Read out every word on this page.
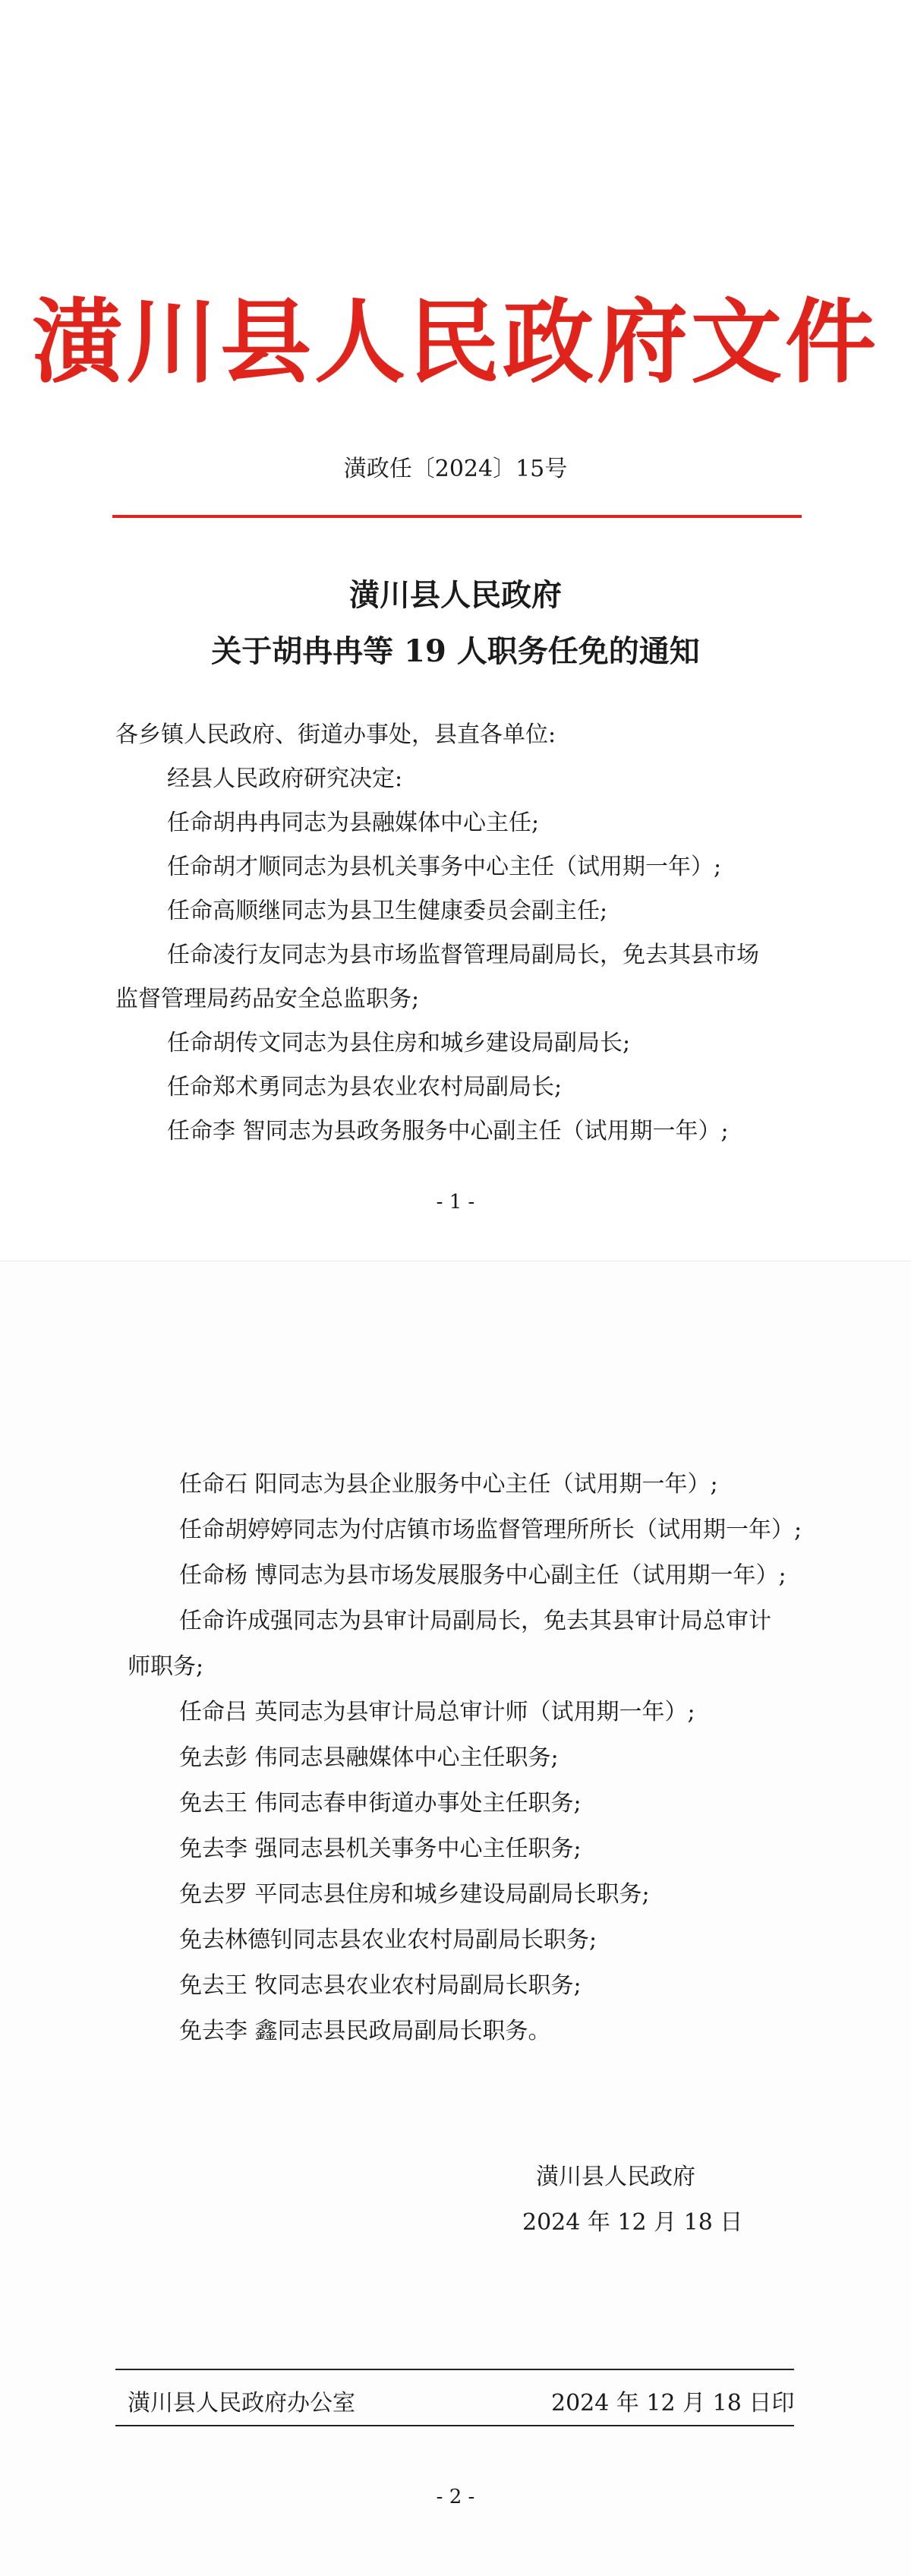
潢川县人民政府文件
潢政任〔2024〕15号
潢川县人民政府
关于胡冉冉等 19 人职务任免的通知
各乡镇人民政府、街道办事处，县直各单位:
经县人民政府研究决定:
任命胡冉冉同志为县融媒体中心主任;
任命胡才顺同志为县机关事务中心主任（试用期一年）;
任命高顺继同志为县卫生健康委员会副主任;
任命凌行友同志为县市场监督管理局副局长，免去其县市场
监督管理局药品安全总监职务;
任命胡传文同志为县住房和城乡建设局副局长;
任命郑术勇同志为县农业农村局副局长;
任命李 智同志为县政务服务中心副主任（试用期一年）;
- 1 -
任命石 阳同志为县企业服务中心主任（试用期一年）;
任命胡婷婷同志为付店镇市场监督管理所所长（试用期一年）;
任命杨 博同志为县市场发展服务中心副主任（试用期一年）;
任命许成强同志为县审计局副局长，免去其县审计局总审计
师职务;
任命吕 英同志为县审计局总审计师（试用期一年）;
免去彭 伟同志县融媒体中心主任职务;
免去王 伟同志春申街道办事处主任职务;
免去李 强同志县机关事务中心主任职务;
免去罗 平同志县住房和城乡建设局副局长职务;
免去林德钊同志县农业农村局副局长职务;
免去王 牧同志县农业农村局副局长职务;
免去李 鑫同志县民政局副局长职务。
潢川县人民政府
2024 年 12 月 18 日
潢川县人民政府办公室	2024 年 12 月 18 日印
- 2 -
